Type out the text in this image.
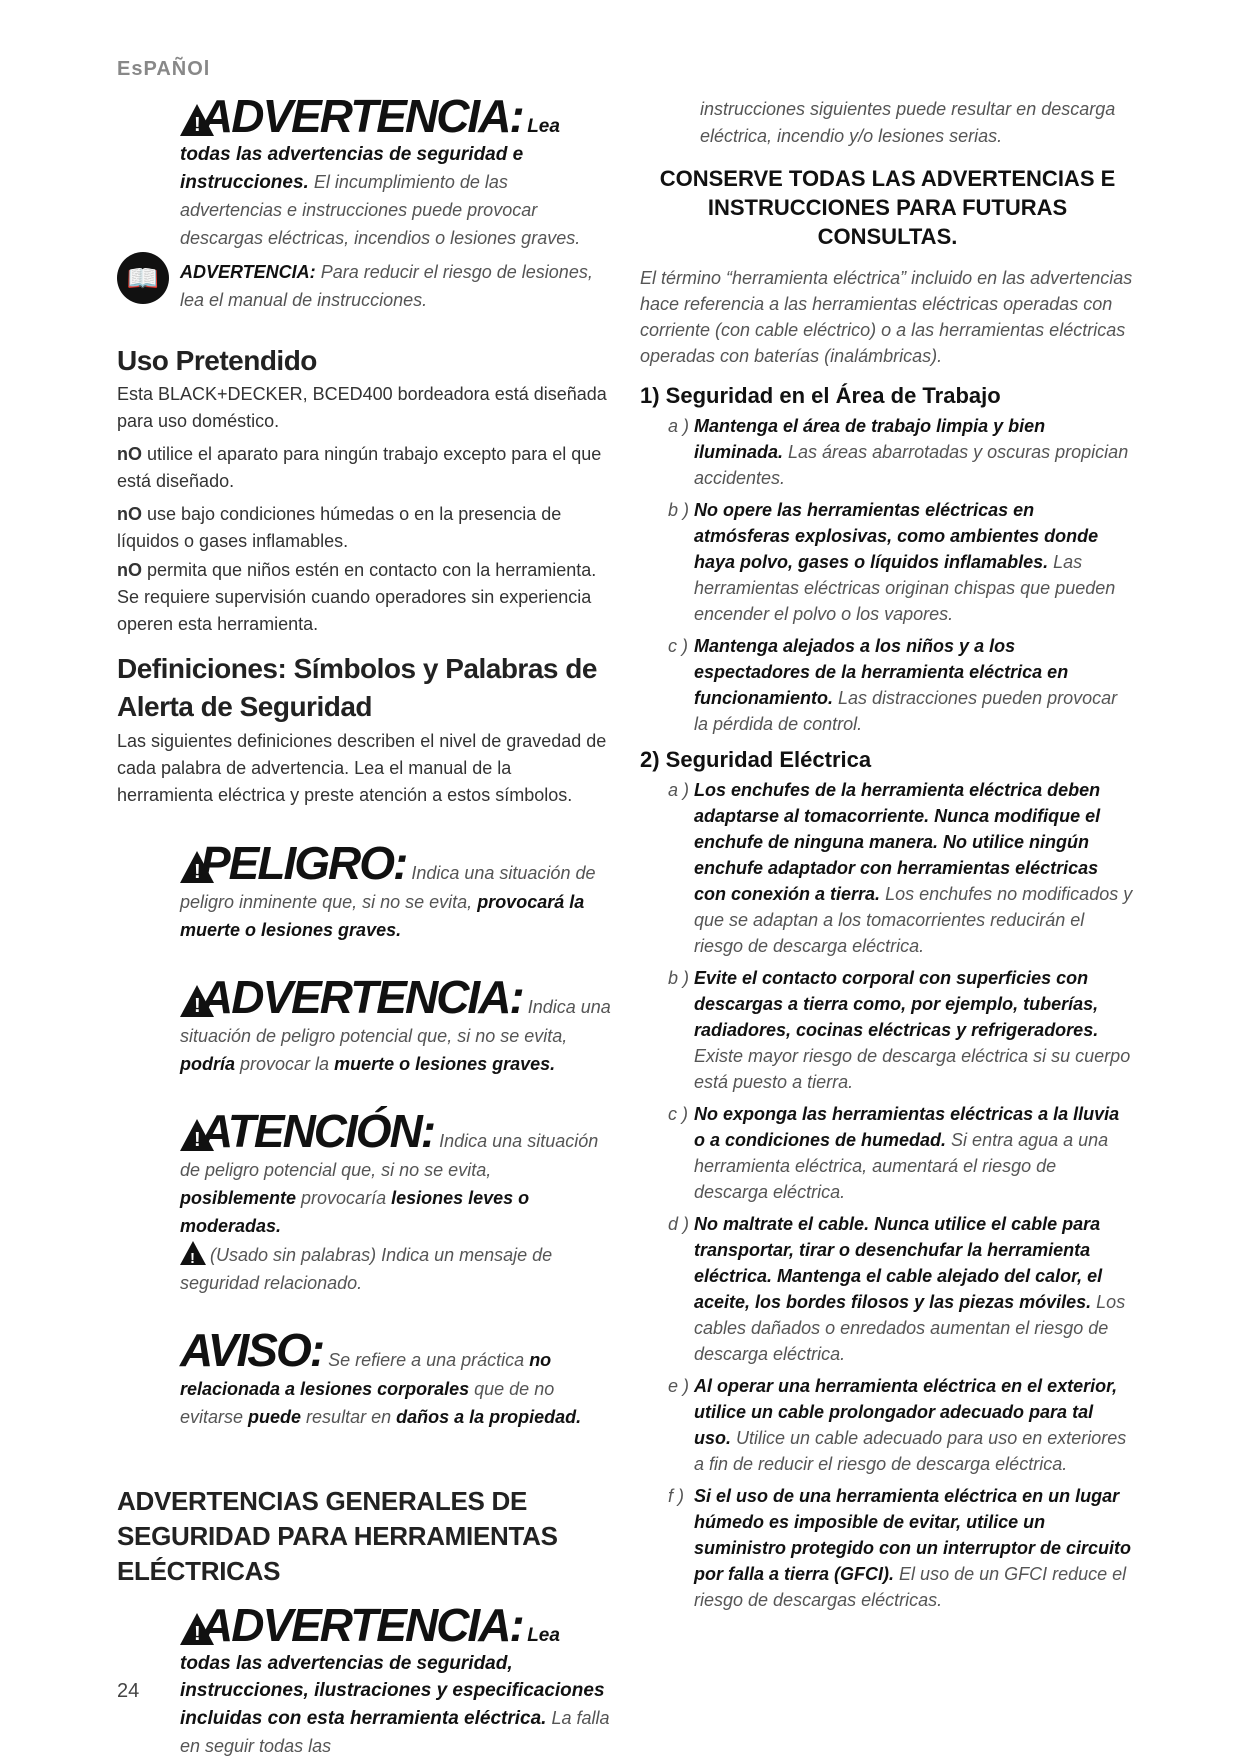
EsPAÑOl
! ADVERTENCIA: Lea todas las advertencias de seguridad e instrucciones. El incumplimiento de las advertencias e instrucciones puede provocar descargas eléctricas, incendios o lesiones graves.
ADVERTENCIA: Para reducir el riesgo de lesiones, lea el manual de instrucciones.
Uso Pretendido

Esta BLACK+DECKER, BCED400 bordeadora está diseñada para uso doméstico.

nO utilice el aparato para ningún trabajo excepto para el que está diseñado.

nO use bajo condiciones húmedas o en la presencia de líquidos o gases inflamables.

nO permita que niños estén en contacto con la herramienta. Se requiere supervisión cuando operadores sin experiencia operen esta herramienta.

Definiciones: Símbolos y Palabras de Alerta de Seguridad

Las siguientes definiciones describen el nivel de gravedad de cada palabra de advertencia. Lea el manual de la herramienta eléctrica y preste atención a estos símbolos.

! PELIGRO: Indica una situación de peligro inminente que, si no se evita, provocará la muerte o lesiones graves.
! ADVERTENCIA: Indica una situación de peligro potencial que, si no se evita, podría provocar la muerte o lesiones graves.
! ATENCIÓN: Indica una situación de peligro potencial que, si no se evita, posiblemente provocaría lesiones leves o moderadas.

! (Usado sin palabras) Indica un mensaje de seguridad relacionado.
AVISO: Se refiere a una práctica no relacionada a lesiones corporales que de no evitarse puede resultar en daños a la propiedad.
ADVERTENCIAS GENERALES DE SEGURIDAD PARA HERRAMIENTAS ELÉCTRICAS
! ADVERTENCIA: Lea todas las advertencias de seguridad, instrucciones, ilustraciones y especificaciones incluidas con esta herramienta eléctrica. La falla en seguir todas las
📖
instrucciones siguientes puede resultar en descarga eléctrica, incendio y/o lesiones serias.
CONSERVE TODAS LAS ADVERTENCIAS E INSTRUCCIONES PARA FUTURAS CONSULTAS.
El término “herramienta eléctrica” incluido en las advertencias hace referencia a las herramientas eléctricas operadas con corriente (con cable eléctrico) o a las herramientas eléctricas operadas con baterías (inalámbricas).
1) Seguridad en el Área de Trabajo
a ) Mantenga el área de trabajo limpia y bien iluminada. Las áreas abarrotadas y oscuras propician accidentes.
b ) No opere las herramientas eléctricas en atmósferas explosivas, como ambientes donde haya polvo, gases o líquidos inflamables. Las herramientas eléctricas originan chispas que pueden encender el polvo o los vapores.
c ) Mantenga alejados a los niños y a los espectadores de la herramienta eléctrica en funcionamiento. Las distracciones pueden provocar la pérdida de control.
2) Seguridad Eléctrica
a ) Los enchufes de la herramienta eléctrica deben adaptarse al tomacorriente. Nunca modifique el enchufe de ninguna manera. No utilice ningún enchufe adaptador con herramientas eléctricas con conexión a tierra. Los enchufes no modificados y que se adaptan a los tomacorrientes reducirán el riesgo de descarga eléctrica.
b ) Evite el contacto corporal con superficies con descargas a tierra como, por ejemplo, tuberías, radiadores, cocinas eléctricas y refrigeradores. Existe mayor riesgo de descarga eléctrica si su cuerpo está puesto a tierra.
c ) No exponga las herramientas eléctricas a la lluvia o a condiciones de humedad. Si entra agua a una herramienta eléctrica, aumentará el riesgo de descarga eléctrica.
d ) No maltrate el cable. Nunca utilice el cable para transportar, tirar o desenchufar la herramienta eléctrica. Mantenga el cable alejado del calor, el aceite, los bordes filosos y las piezas móviles. Los cables dañados o enredados aumentan el riesgo de descarga eléctrica.
e ) Al operar una herramienta eléctrica en el exterior, utilice un cable prolongador adecuado para tal uso. Utilice un cable adecuado para uso en exteriores a fin de reducir el riesgo de descarga eléctrica.
f ) Si el uso de una herramienta eléctrica en un lugar húmedo es imposible de evitar, utilice un suministro protegido con un interruptor de circuito por falla a tierra (GFCI). El uso de un GFCI reduce el riesgo de descargas eléctricas.
24
